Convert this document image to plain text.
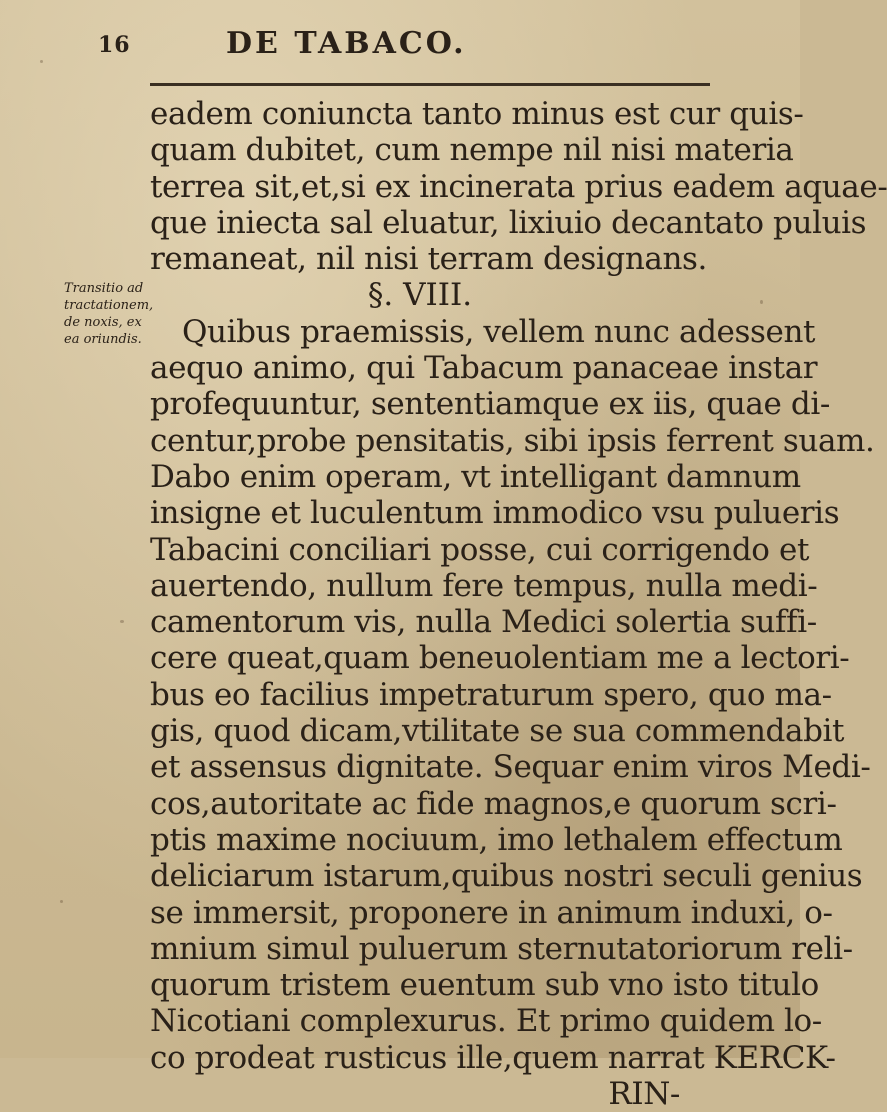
16	DE TABACO.
Transitio ad
tractationem,
de noxis, ex
ea oriundis.
eadem coniuncta tanto minus est cur quis-
quam dubitet, cum nempe nil nisi materia
terrea sit,et,si ex incinerata prius eadem aquae-
que iniecta sal eluatur, lixiuio decantato puluis
remaneat, nil nisi terram designans.
§. VIII.
Quibus praemissis, vellem nunc adessent
aequo animo, qui Tabacum panaceae instar
profequuntur, sententiamque ex iis, quae di-
centur,probe pensitatis, sibi ipsis ferrent suam.
Dabo enim operam, vt intelligant damnum
insigne et luculentum immodico vsu pulueris
Tabacini conciliari posse, cui corrigendo et
auertendo, nullum fere tempus, nulla medi-
camentorum vis, nulla Medici solertia suffi-
cere queat,quam beneuolentiam me a lectori-
bus eo facilius impetraturum spero, quo ma-
gis, quod dicam,vtilitate se sua commendabit
et assensus dignitate. Sequar enim viros Medi-
cos,autoritate ac fide magnos,e quorum scri-
ptis maxime nociuum, imo lethalem effectum
deliciarum istarum,quibus nostri seculi genius
se immersit, proponere in animum induxi, o-
mnium simul puluerum sternutatoriorum reli-
quorum tristem euentum sub vno isto titulo
Nicotiani complexurus. Et primo quidem lo-
co prodeat rusticus ille,quem narrat KERCK-
RIN-
